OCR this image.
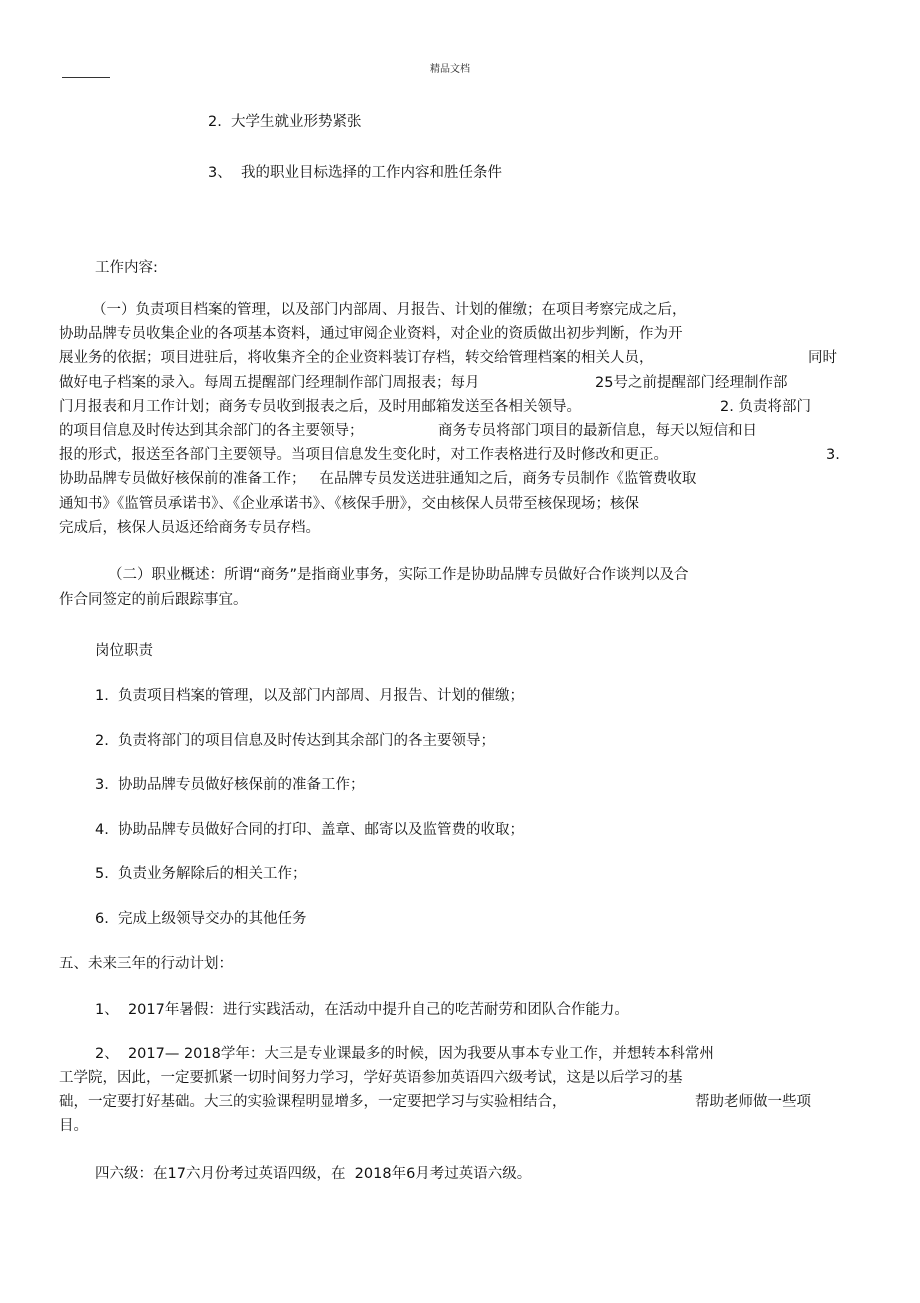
精品文档
2.  大学生就业形势紧张
3、  我的职业目标选择的工作内容和胜任条件
工作内容:
（一）负责项目档案的管理，以及部门内部周、月报告、计划的催缴；在项目考察完成之后，
协助品牌专员收集企业的各项基本资料，通过审阅企业资料，对企业的资质做出初步判断，作为开
展业务的依据；项目进驻后，将收集齐全的企业资料装订存档，转交给管理档案的相关人员，	同时
做好电子档案的录入。每周五提醒部门经理制作部门周报表；每月	25号之前提醒部门经理制作部
门月报表和月工作计划；商务专员收到报表之后，及时用邮箱发送至各相关领导。	2. 负责将部门
的项目信息及时传达到其余部门的各主要领导；	商务专员将部门项目的最新信息，每天以短信和日
报的形式，报送至各部门主要领导。当项目信息发生变化时，对工作表格进行及时修改和更正。	3.
协助品牌专员做好核保前的准备工作；   在品牌专员发送进驻通知之后，商务专员制作《监管费收取
通知书》《监管员承诺书》、《企业承诺书》、《核保手册》，交由核保人员带至核保现场；核保
完成后，核保人员返还给商务专员存档。
（二）职业概述：所谓“商务”是指商业事务，实际工作是协助品牌专员做好合作谈判以及合
作合同签定的前后跟踪事宜。
岗位职责
1.  负责项目档案的管理，以及部门内部周、月报告、计划的催缴；
2.  负责将部门的项目信息及时传达到其余部门的各主要领导；
3.  协助品牌专员做好核保前的准备工作；
4.  协助品牌专员做好合同的打印、盖章、邮寄以及监管费的收取；
5.  负责业务解除后的相关工作；
6.  完成上级领导交办的其他任务
五、未来三年的行动计划：
1、  2017年暑假：进行实践活动，在活动中提升自己的吃苦耐劳和团队合作能力。
2、  2017— 2018学年：大三是专业课最多的时候，因为我要从事本专业工作，并想转本科常州
工学院，因此，一定要抓紧一切时间努力学习，学好英语参加英语四六级考试，这是以后学习的基
础，一定要打好基础。大三的实验课程明显增多，一定要把学习与实验相结合，	帮助老师做一些项
目。
四六级：在17六月份考过英语四级，在  2018年6月考过英语六级。
